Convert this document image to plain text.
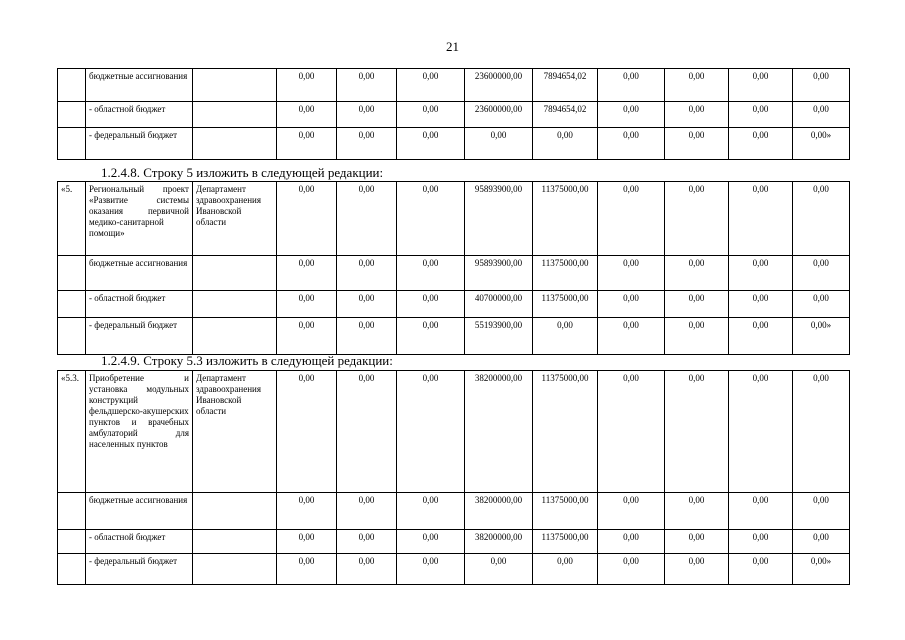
21
	бюджетные ассигнования		0,00	0,00	0,00	23600000,00	7894654,02	0,00	0,00	0,00	0,00
	- областной бюджет		0,00	0,00	0,00	23600000,00	7894654,02	0,00	0,00	0,00	0,00
	- федеральный бюджет		0,00	0,00	0,00	0,00	0,00	0,00	0,00	0,00	0,00»
1.2.4.8. Строку 5 изложить в следующей редакции:
«5.	Региональный проект «Развитие системы оказания первичной медико-санитарной помощи»	Департамент здравоохранения Ивановской области	0,00	0,00	0,00	95893900,00	11375000,00	0,00	0,00	0,00	0,00
	бюджетные ассигнования		0,00	0,00	0,00	95893900,00	11375000,00	0,00	0,00	0,00	0,00
	- областной бюджет		0,00	0,00	0,00	40700000,00	11375000,00	0,00	0,00	0,00	0,00
	- федеральный бюджет		0,00	0,00	0,00	55193900,00	0,00	0,00	0,00	0,00	0,00»
1.2.4.9. Строку 5.3 изложить в следующей редакции:
«5.3.	Приобретение и установка модульных конструкций фельдшерско-акушерских пунктов и врачебных амбулаторий для населенных пунктов	Департамент здравоохранения Ивановской области	0,00	0,00	0,00	38200000,00	11375000,00	0,00	0,00	0,00	0,00
	бюджетные ассигнования		0,00	0,00	0,00	38200000,00	11375000,00	0,00	0,00	0,00	0,00
	- областной бюджет		0,00	0,00	0,00	38200000,00	11375000,00	0,00	0,00	0,00	0,00
	- федеральный бюджет		0,00	0,00	0,00	0,00	0,00	0,00	0,00	0,00	0,00»
